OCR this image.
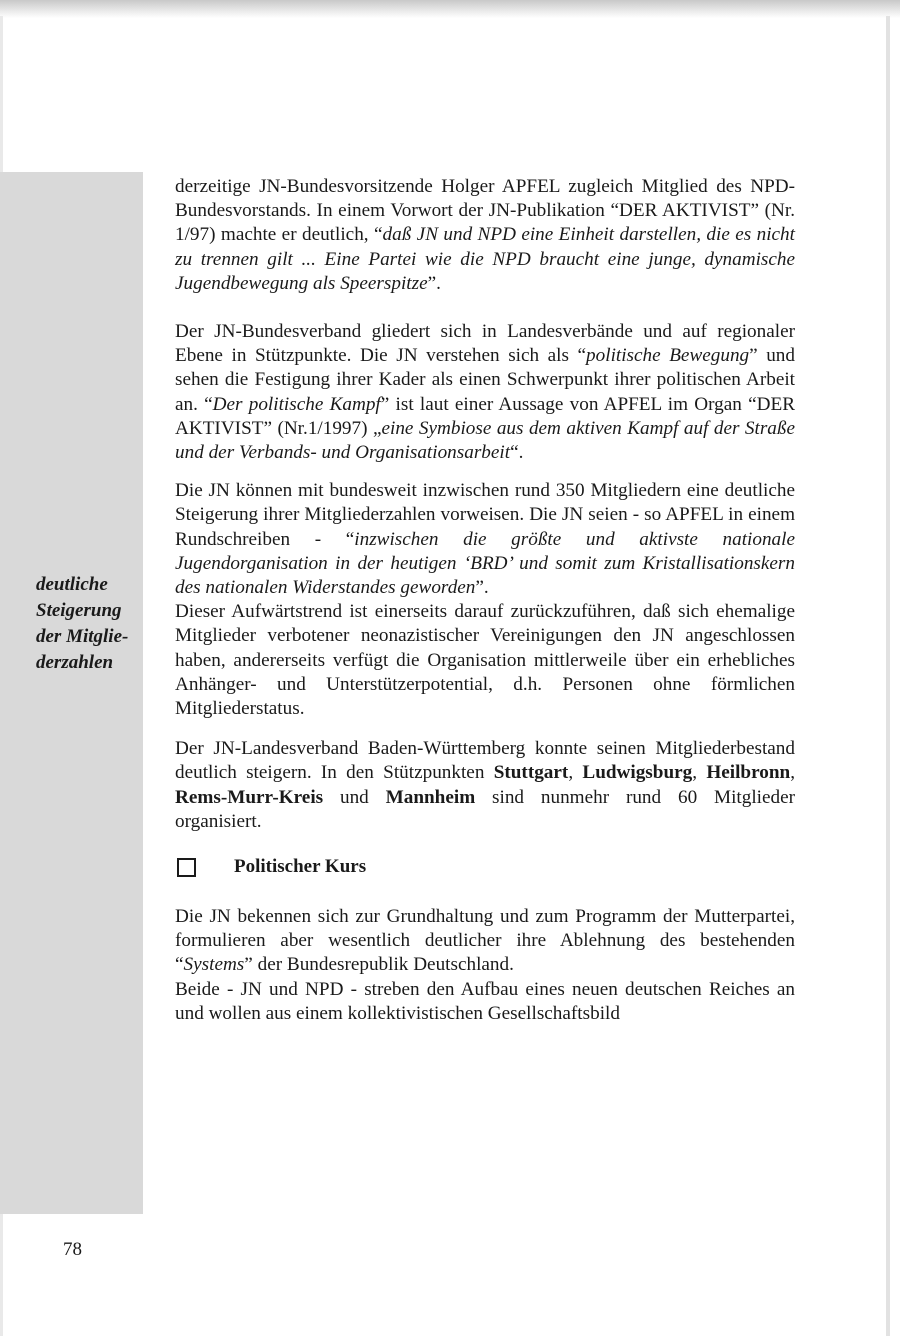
deutliche
Steigerung
der Mitglie-
derzahlen

derzeitige JN-Bundesvorsitzende Holger APFEL zugleich Mitglied des NPD-Bundesvorstands. In einem Vorwort der JN-Publikation “DER AKTIVIST” (Nr. 1/97) machte er deutlich, “daß JN und NPD eine Einheit darstellen, die es nicht zu trennen gilt ... Eine Partei wie die NPD braucht eine junge, dynamische Jugendbewegung als Speerspitze”.

Der JN-Bundesverband gliedert sich in Landesverbände und auf regionaler Ebene in Stützpunkte. Die JN verstehen sich als “politische Bewegung” und sehen die Festigung ihrer Kader als einen Schwerpunkt ihrer politischen Arbeit an. “Der politische Kampf” ist laut einer Aussage von APFEL im Organ “DER AKTIVIST” (Nr.1/1997) „eine Symbiose aus dem aktiven Kampf auf der Straße und der Verbands- und Organisationsarbeit“.

Die JN können mit bundesweit inzwischen rund 350 Mitgliedern eine deutliche Steigerung ihrer Mitgliederzahlen vorweisen. Die JN seien - so APFEL in einem Rundschreiben - “inzwischen die größte und aktivste nationale Jugendorganisation in der heutigen ‘BRD’ und somit zum Kristallisationskern des nationalen Widerstandes geworden”.

Dieser Aufwärtstrend ist einerseits darauf zurückzuführen, daß sich ehemalige Mitglieder verbotener neonazistischer Vereinigungen den JN angeschlossen haben, andererseits verfügt die Organisation mittlerweile über ein erhebliches Anhänger- und Unterstützerpotential, d.h. Personen ohne förmlichen Mitgliederstatus.

Der JN-Landesverband Baden-Württemberg konnte seinen Mitgliederbestand deutlich steigern. In den Stützpunkten Stuttgart, Ludwigsburg, Heilbronn, Rems-Murr-Kreis und Mannheim sind nunmehr rund 60 Mitglieder organisiert.

Politischer Kurs

Die JN bekennen sich zur Grundhaltung und zum Programm der Mutterpartei, formulieren aber wesentlich deutlicher ihre Ablehnung des bestehenden “Systems” der Bundesrepublik Deutschland.

Beide - JN und NPD - streben den Aufbau eines neuen deutschen Reiches an und wollen aus einem kollektivistischen Gesellschaftsbild

78
